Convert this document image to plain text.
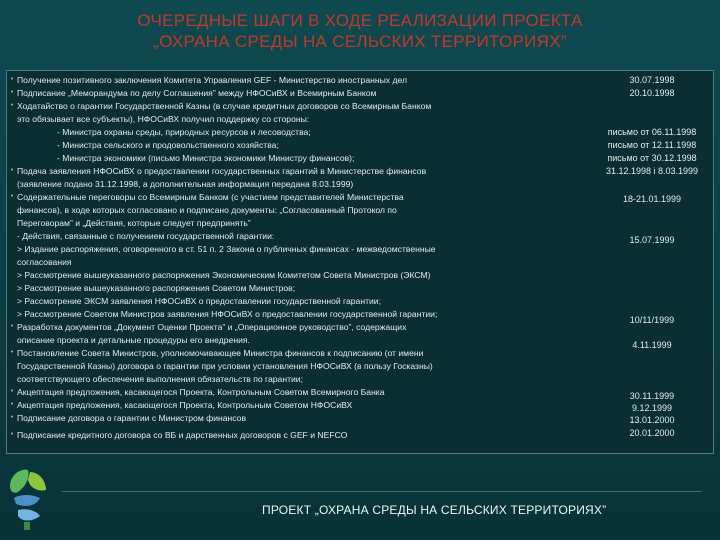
ОЧЕРЕДНЫЕ ШАГИ В ХОДЕ РЕАЛИЗАЦИИ ПРОЕКТА
„ОХРАНА СРЕДЫ НА СЕЛЬСКИХ ТЕРРИТОРИЯХ”
• Получение позитивного заключения Комитета Управления GEF - Министерство иностранных дел
• Подписание „Меморандума по делу Соглашения” между НФОСиВХ и Всемирным Банком
• Ходатайство о гарантии Государственной Казны (в случае кредитных договоров со Всемирным Банком
это обязывает все субъекты), НФОСиВХ получил поддержку со стороны:
- Министра охраны среды, природных ресурсов и лесоводства;
- Министра сельского и продовольственного хозяйства;
- Министра экономики (письмо Министра экономики Министру финансов);
• Подача заявления НФОСиВХ о предоставлении государственных гарантий в Министерстве финансов
(заявление подано 31.12.1998, а дополнительная информация передана 8.03.1999)
• Содержательные переговоры со Всемирным Банком (с участием представителей Министерства
финансов), в ходе которых согласовано и подписано документы: „Согласованный Протокол по
Переговорам” и „Действия, которые следует предпринять”
- Действия, связанные с получением государственной гарантии:
> Издание распоряжения, оговоренного в ст. 51 п. 2 Закона о публичных финансах - межведомственные
согласования
> Рассмотрение вышеуказанного распоряжения Экономическим Комитетом Совета Министров (ЭКСМ)
> Рассмотрение вышеуказанного распоряжения Советом Министров;
> Рассмотрение ЭКСМ заявления НФОСиВХ о предоставлении государственной гарантии;
> Рассмотрение Советом Министров заявления НФОСиВХ о предоставлении государственной гарантии;
• Разработка документов „Документ Оценки Проекта” и „Операционное руководство”, содержащих
описание проекта и детальные процедуры его внедрения.
• Постановление Совета Министров, уполномочивающее Министра финансов к подписанию (от имени
Государственной Казны) договора о гарантии при условии установления НФОСиВХ (в пользу Госказны)
соответствующего обеспечения выполнения обязательств по гарантии;
• Акцептация предложения, касающегося Проекта, Контрольным Советом Всемирного Банка
• Акцептация предложения, касающегося Проекта, Контрольным Советом НФОСиВХ
• Подписание договора о гарантии с Министром финансов
• Подписание кредитного договора со ВБ и дарственных договоров с GEF и NEFCO
30.07.1998
20.10.1998
письмо от 06.11.1998
письмо от 12.11.1998
письмо от 30.12.1998
31.12.1998 i 8.03.1999
18-21.01.1999
15.07.1999
10/11/1999
4.11.1999
30.11.1999
9.12.1999
13.01.2000
20.01.2000
ПРОЕКТ „ОХРАНА СРЕДЫ НА СЕЛЬСКИХ ТЕРРИТОРИЯХ”
